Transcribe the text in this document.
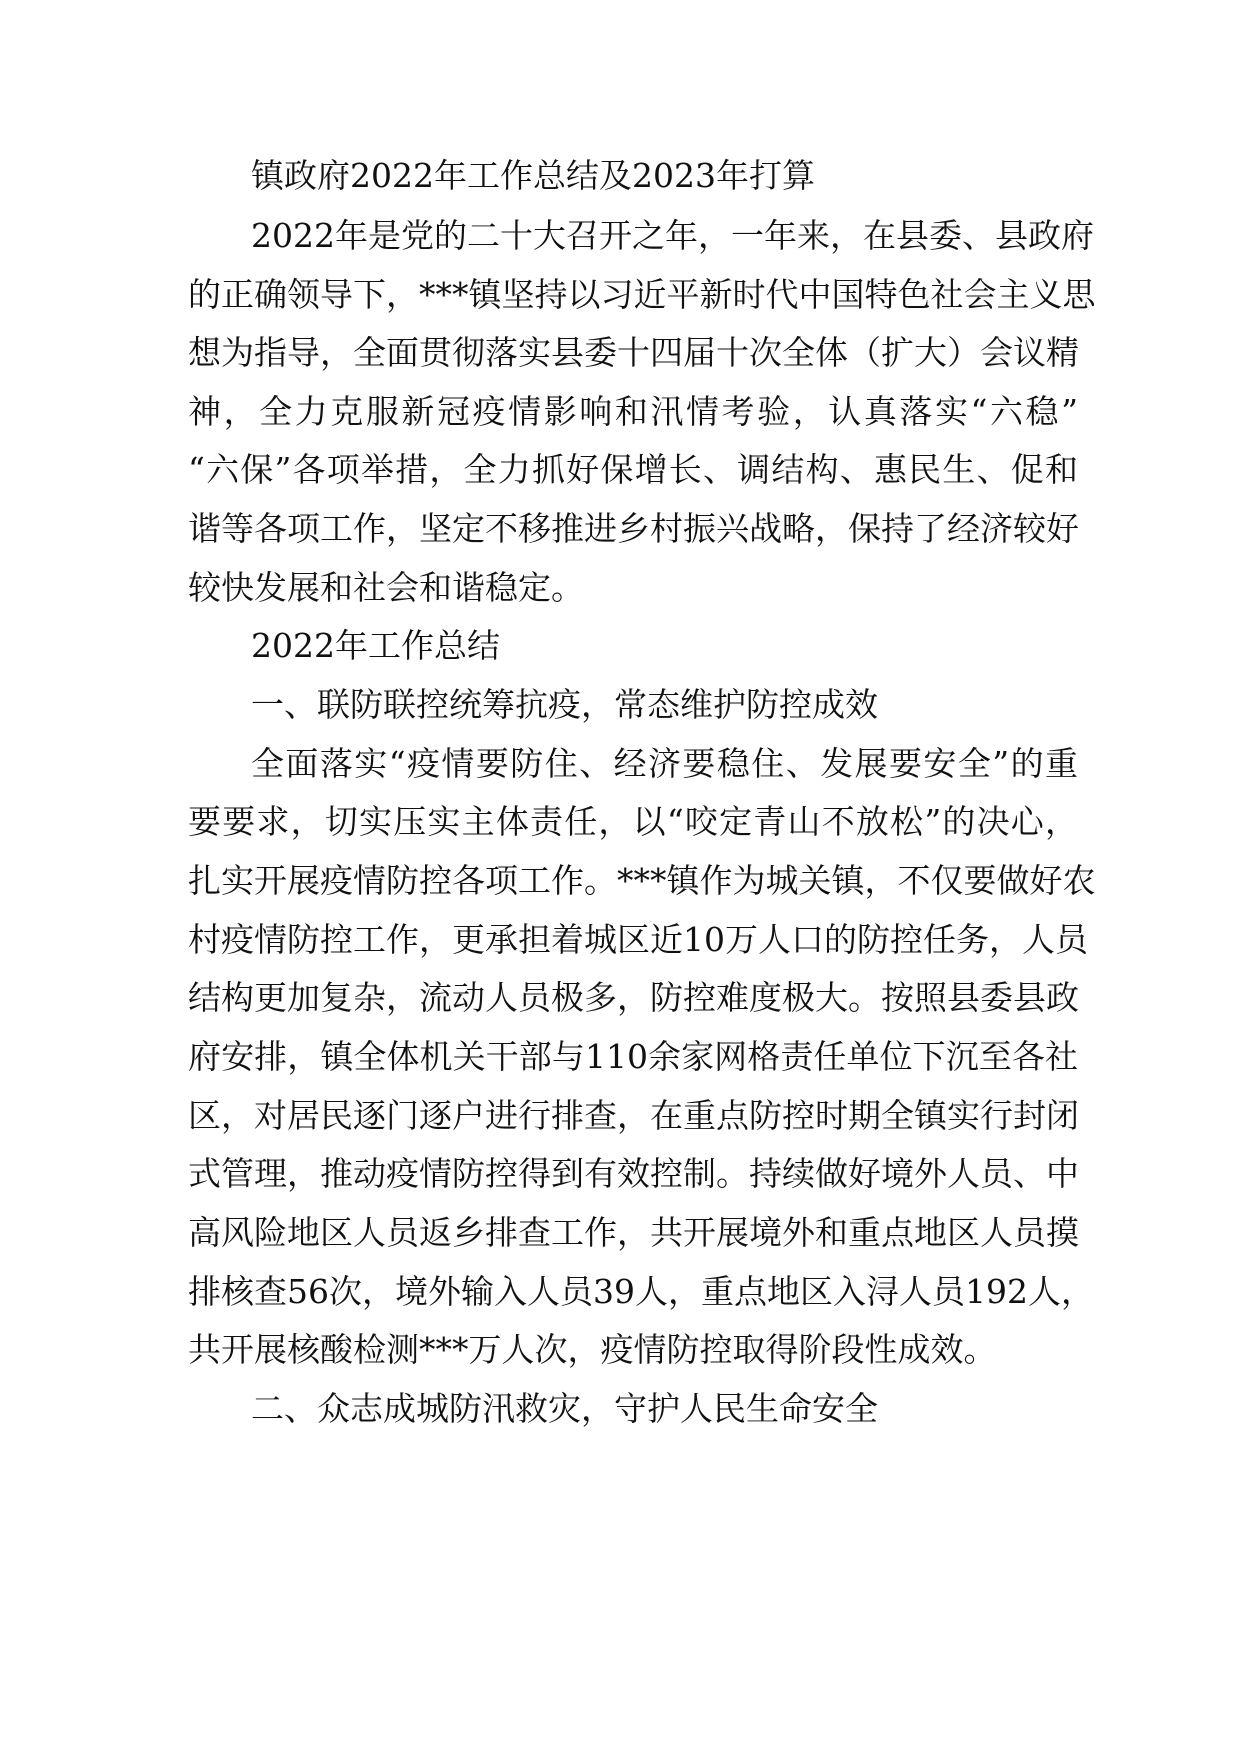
镇政府2022年工作总结及2023年打算
2022年是党的二十大召开之年，一年来，在县委、县政府
的正确领导下，***镇坚持以习近平新时代中国特色社会主义思
想为指导，全面贯彻落实县委十四届十次全体（扩大）会议精
神，全力克服新冠疫情影响和汛情考验，认真落实“六稳”
“六保”各项举措，全力抓好保增长、调结构、惠民生、促和
谐等各项工作，坚定不移推进乡村振兴战略，保持了经济较好
较快发展和社会和谐稳定。
2022年工作总结
一、联防联控统筹抗疫，常态维护防控成效
全面落实“疫情要防住、经济要稳住、发展要安全”的重
要要求，切实压实主体责任，以“咬定青山不放松”的决心，
扎实开展疫情防控各项工作。***镇作为城关镇，不仅要做好农
村疫情防控工作，更承担着城区近10万人口的防控任务，人员
结构更加复杂，流动人员极多，防控难度极大。按照县委县政
府安排，镇全体机关干部与110余家网格责任单位下沉至各社
区，对居民逐门逐户进行排查，在重点防控时期全镇实行封闭
式管理，推动疫情防控得到有效控制。持续做好境外人员、中
高风险地区人员返乡排查工作，共开展境外和重点地区人员摸
排核查56次，境外输入人员39人，重点地区入浔人员192人，
共开展核酸检测***万人次，疫情防控取得阶段性成效。
二、众志成城防汛救灾，守护人民生命安全
